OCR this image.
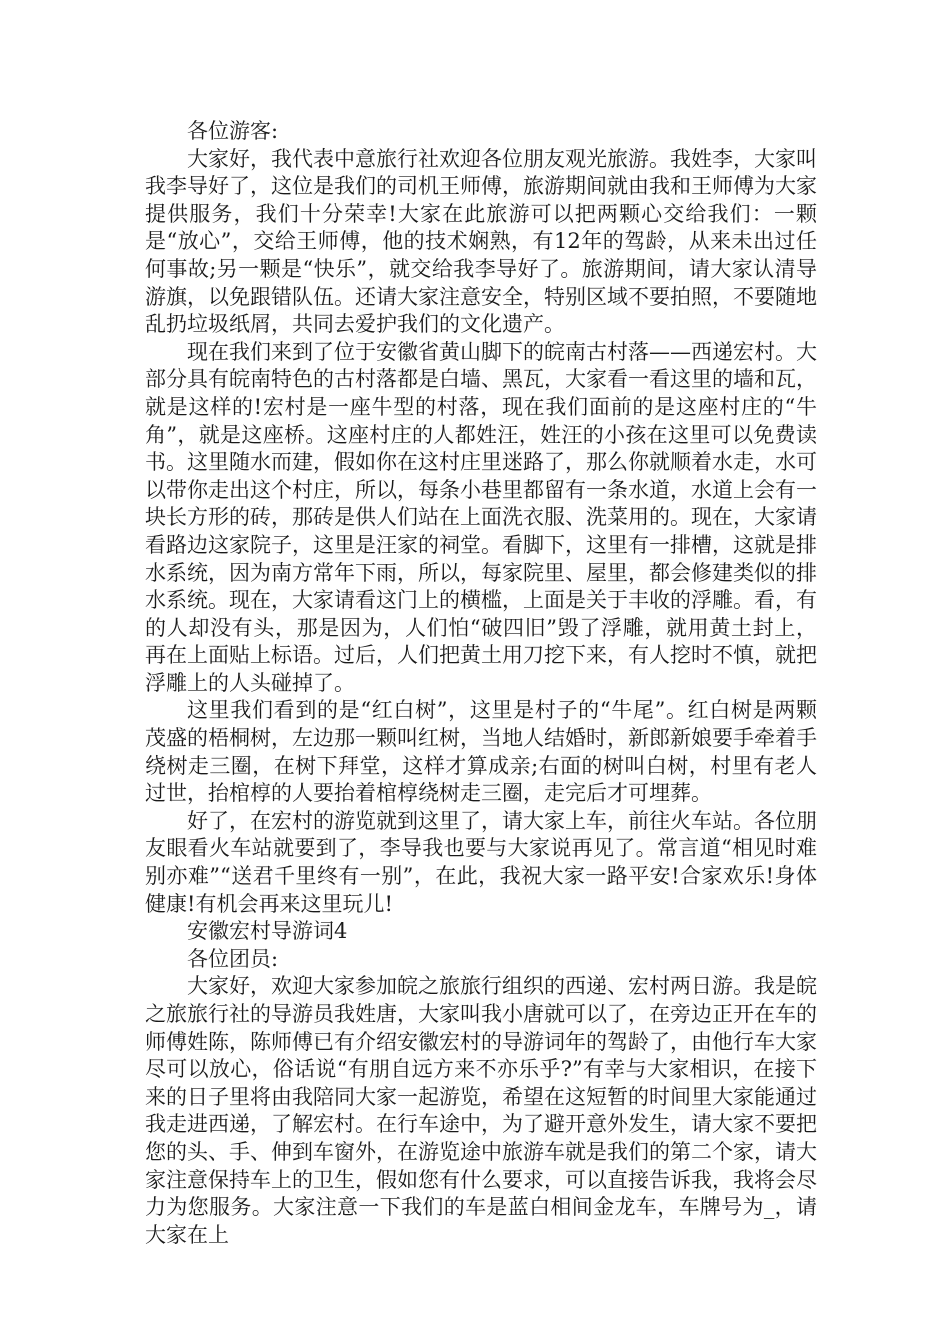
各位游客:

大家好，我代表中意旅行社欢迎各位朋友观光旅游。我姓李，大家叫我李导好了，这位是我们的司机王师傅，旅游期间就由我和王师傅为大家提供服务，我们十分荣幸!大家在此旅游可以把两颗心交给我们：一颗是“放心”，交给王师傅，他的技术娴熟，有12年的驾龄，从来未出过任何事故;另一颗是“快乐”，就交给我李导好了。旅游期间，请大家认清导游旗，以免跟错队伍。还请大家注意安全，特别区域不要拍照，不要随地乱扔垃圾纸屑，共同去爱护我们的文化遗产。

现在我们来到了位于安徽省黄山脚下的皖南古村落——西递宏村。大部分具有皖南特色的古村落都是白墙、黑瓦，大家看一看这里的墙和瓦，就是这样的!宏村是一座牛型的村落，现在我们面前的是这座村庄的“牛角”，就是这座桥。这座村庄的人都姓汪，姓汪的小孩在这里可以免费读书。这里随水而建，假如你在这村庄里迷路了，那么你就顺着水走，水可以带你走出这个村庄，所以，每条小巷里都留有一条水道，水道上会有一块长方形的砖，那砖是供人们站在上面洗衣服、洗菜用的。现在，大家请看路边这家院子，这里是汪家的祠堂。看脚下，这里有一排槽，这就是排水系统，因为南方常年下雨，所以，每家院里、屋里，都会修建类似的排水系统。现在，大家请看这门上的横槛，上面是关于丰收的浮雕。看，有的人却没有头，那是因为，人们怕“破四旧”毁了浮雕，就用黄土封上，再在上面贴上标语。过后，人们把黄土用刀挖下来，有人挖时不慎，就把浮雕上的人头碰掉了。

这里我们看到的是“红白树”，这里是村子的“牛尾”。红白树是两颗茂盛的梧桐树，左边那一颗叫红树，当地人结婚时，新郎新娘要手牵着手绕树走三圈，在树下拜堂，这样才算成亲;右面的树叫白树，村里有老人过世，抬棺椁的人要抬着棺椁绕树走三圈，走完后才可埋葬。

好了，在宏村的游览就到这里了，请大家上车，前往火车站。各位朋友眼看火车站就要到了，李导我也要与大家说再见了。常言道“相见时难别亦难”“送君千里终有一别”，在此，我祝大家一路平安!合家欢乐!身体健康!有机会再来这里玩儿!

安徽宏村导游词4

各位团员:

大家好，欢迎大家参加皖之旅旅行组织的西递、宏村两日游。我是皖之旅旅行社的导游员我姓唐，大家叫我小唐就可以了，在旁边正开在车的师傅姓陈，陈师傅已有介绍安徽宏村的导游词年的驾龄了，由他行车大家尽可以放心，俗话说“有朋自远方来不亦乐乎?”有幸与大家相识，在接下来的日子里将由我陪同大家一起游览，希望在这短暂的时间里大家能通过我走进西递，了解宏村。在行车途中，为了避开意外发生，请大家不要把您的头、手、伸到车窗外，在游览途中旅游车就是我们的第二个家，请大家注意保持车上的卫生，假如您有什么要求，可以直接告诉我，我将会尽力为您服务。大家注意一下我们的车是蓝白相间金龙车，车牌号为_，请大家在上
